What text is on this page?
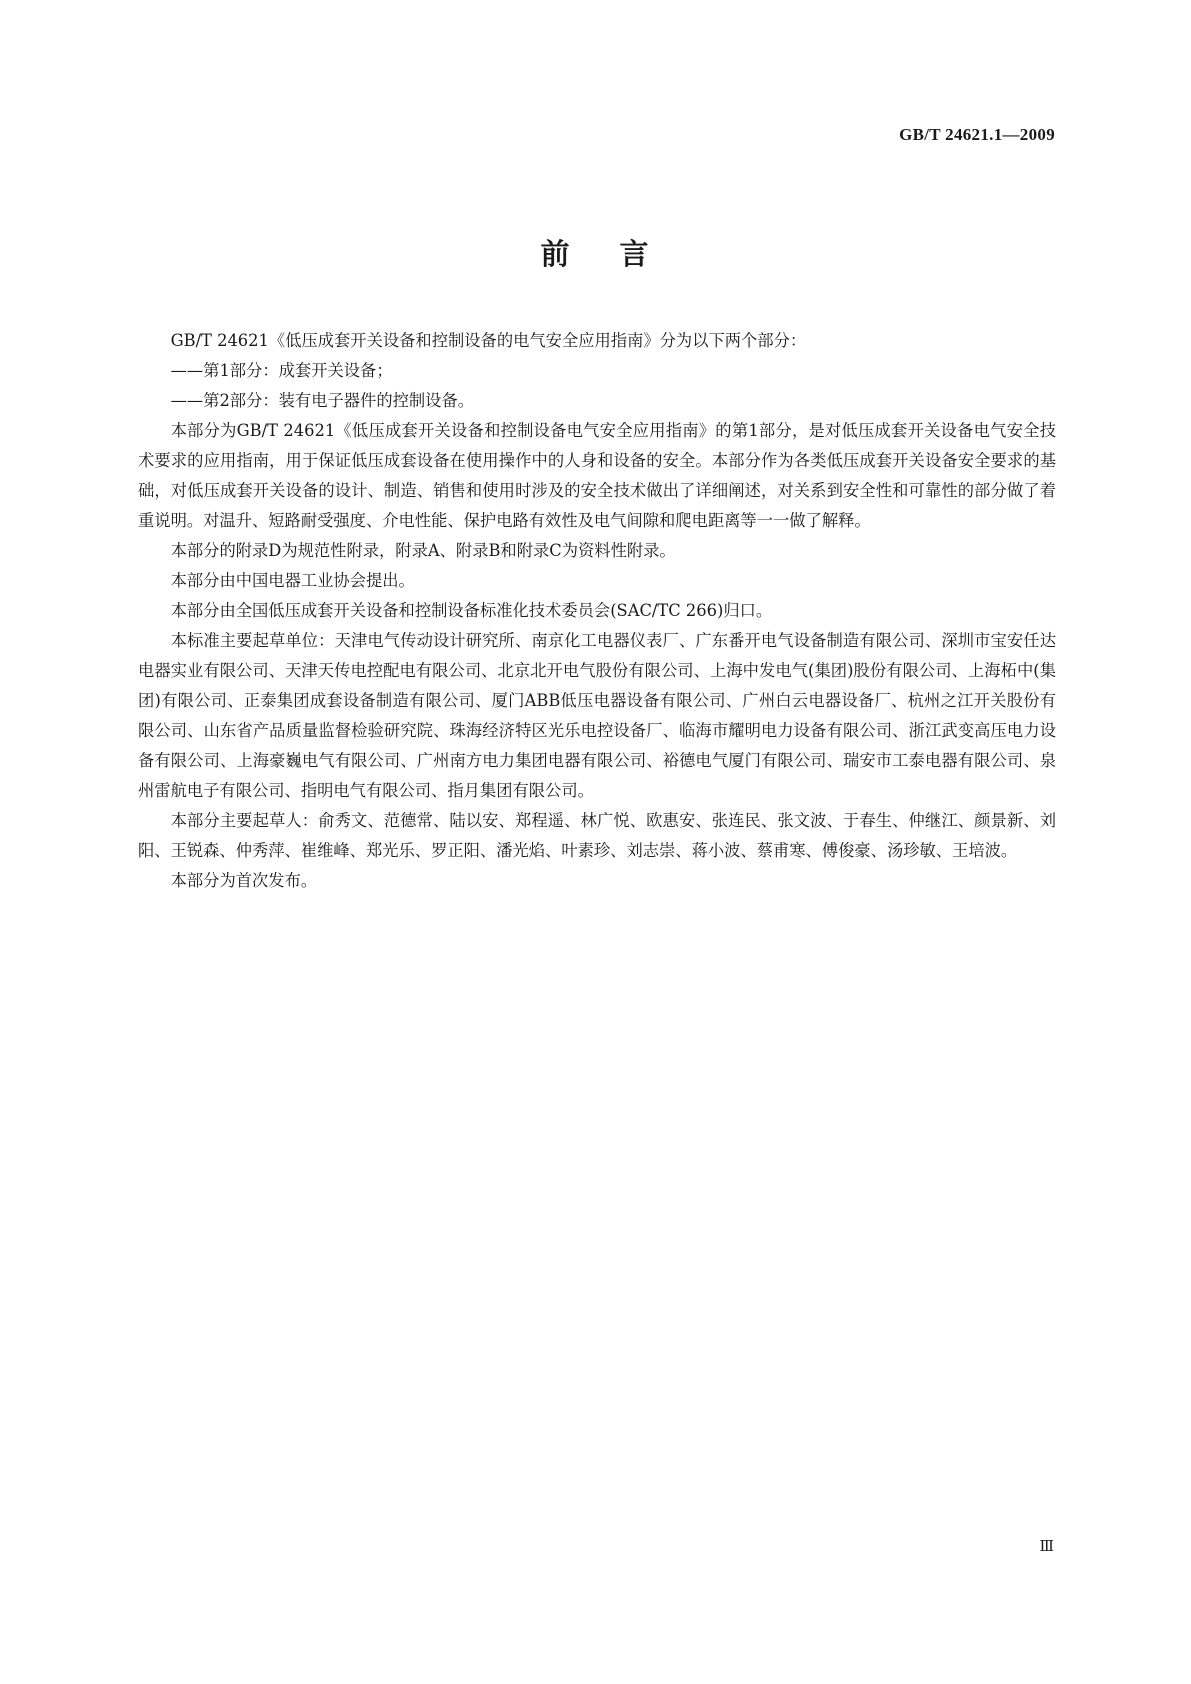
GB/T 24621.1—2009
前 言

GB/T 24621《低压成套开关设备和控制设备的电气安全应用指南》分为以下两个部分：

——第1部分：成套开关设备；

——第2部分：装有电子器件的控制设备。

本部分为GB/T 24621《低压成套开关设备和控制设备电气安全应用指南》的第1部分，是对低压成套开关设备电气安全技术要求的应用指南，用于保证低压成套设备在使用操作中的人身和设备的安全。本部分作为各类低压成套开关设备安全要求的基础，对低压成套开关设备的设计、制造、销售和使用时涉及的安全技术做出了详细阐述，对关系到安全性和可靠性的部分做了着重说明。对温升、短路耐受强度、介电性能、保护电路有效性及电气间隙和爬电距离等一一做了解释。

本部分的附录D为规范性附录，附录A、附录B和附录C为资料性附录。

本部分由中国电器工业协会提出。

本部分由全国低压成套开关设备和控制设备标准化技术委员会(SAC/TC 266)归口。

本标准主要起草单位：天津电气传动设计研究所、南京化工电器仪表厂、广东番开电气设备制造有限公司、深圳市宝安任达电器实业有限公司、天津天传电控配电有限公司、北京北开电气股份有限公司、上海中发电气(集团)股份有限公司、上海柘中(集团)有限公司、正泰集团成套设备制造有限公司、厦门ABB低压电器设备有限公司、广州白云电器设备厂、杭州之江开关股份有限公司、山东省产品质量监督检验研究院、珠海经济特区光乐电控设备厂、临海市耀明电力设备有限公司、浙江武变高压电力设备有限公司、上海豪巍电气有限公司、广州南方电力集团电器有限公司、裕德电气厦门有限公司、瑞安市工泰电器有限公司、泉州雷航电子有限公司、指明电气有限公司、指月集团有限公司。

本部分主要起草人：俞秀文、范德常、陆以安、郑程遥、林广悦、欧惠安、张连民、张文波、于春生、仲继江、颜景新、刘阳、王锐森、仲秀萍、崔维峰、郑光乐、罗正阳、潘光焰、叶素珍、刘志崇、蒋小波、蔡甫寒、傅俊豪、汤珍敏、王培波。

本部分为首次发布。

Ⅲ
